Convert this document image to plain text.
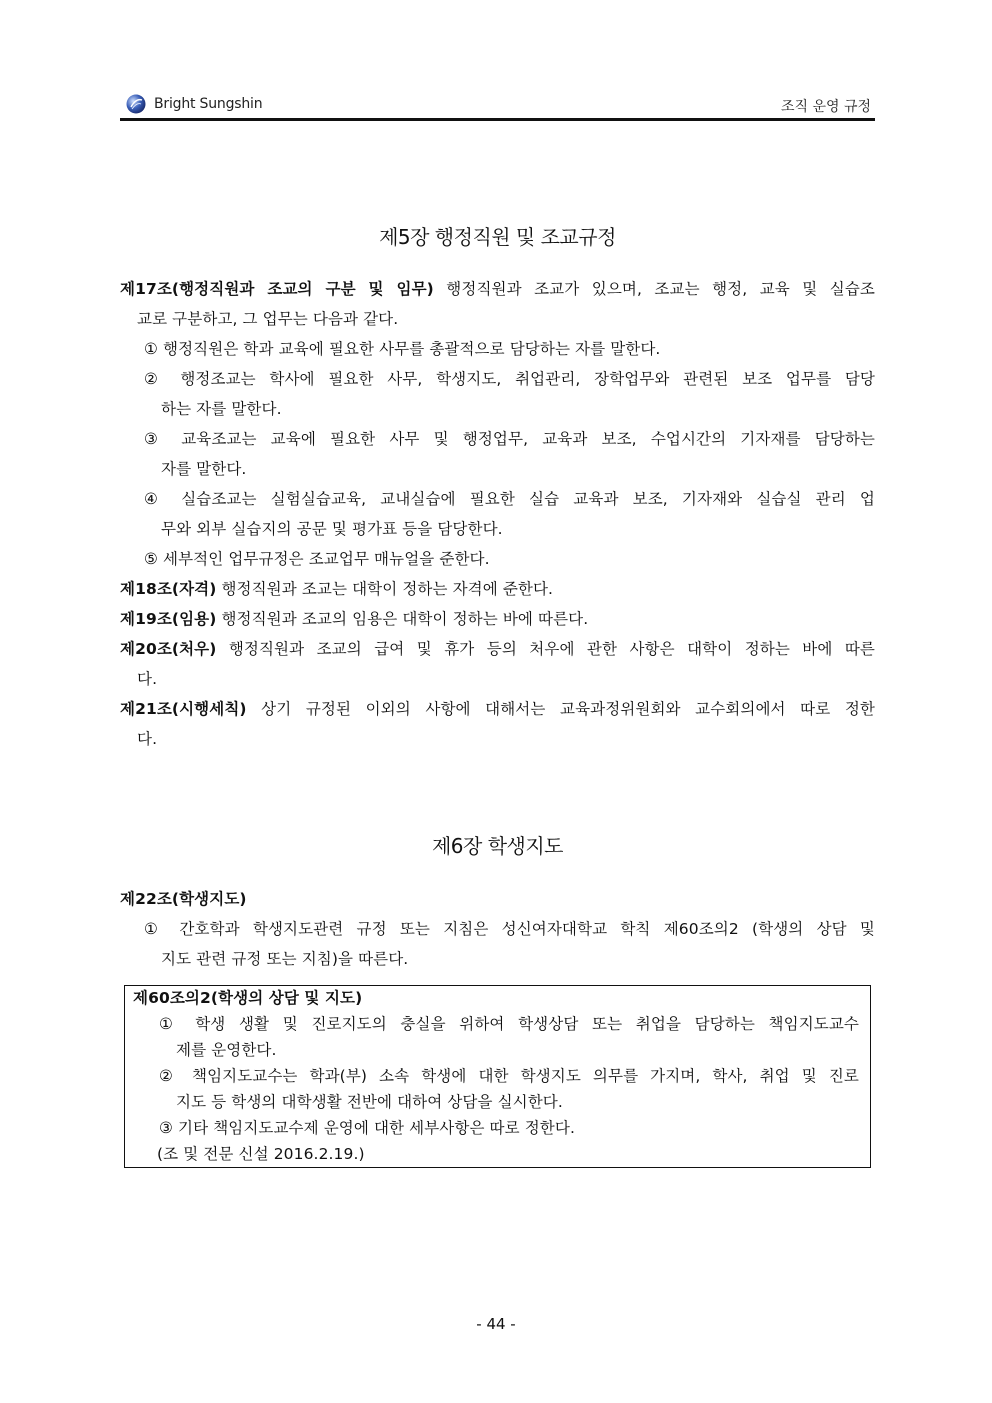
Bright Sungshin	조직 운영 규정
제5장 행정직원 및 조교규정
제17조(행정직원과 조교의 구분 및 임무) 행정직원과 조교가 있으며, 조교는 행정, 교육 및 실습조
교로 구분하고, 그 업무는 다음과 같다.
① 행정직원은 학과 교육에 필요한 사무를 총괄적으로 담당하는 자를 말한다.
② 행정조교는 학사에 필요한 사무, 학생지도, 취업관리, 장학업무와 관련된 보조 업무를 담당
하는 자를 말한다.
③ 교육조교는 교육에 필요한 사무 및 행정업무, 교육과 보조, 수업시간의 기자재를 담당하는
자를 말한다.
④ 실습조교는 실험실습교육, 교내실습에 필요한 실습 교육과 보조, 기자재와 실습실 관리 업
무와 외부 실습지의 공문 및 평가표 등을 담당한다.
⑤ 세부적인 업무규정은 조교업무 매뉴얼을 준한다.
제18조(자격) 행정직원과 조교는 대학이 정하는 자격에 준한다.
제19조(임용) 행정직원과 조교의 임용은 대학이 정하는 바에 따른다.
제20조(처우) 행정직원과 조교의 급여 및 휴가 등의 처우에 관한 사항은 대학이 정하는 바에 따른
다.
제21조(시행세칙) 상기 규정된 이외의 사항에 대해서는 교육과정위원회와 교수회의에서 따로 정한
다.
제6장 학생지도
제22조(학생지도)
① 간호학과 학생지도관련 규정 또는 지침은 성신여자대학교 학칙 제60조의2 (학생의 상담 및
지도 관련 규정 또는 지침)을 따른다.
제60조의2(학생의 상담 및 지도)
① 학생 생활 및 진로지도의 충실을 위하여 학생상담 또는 취업을 담당하는 책임지도교수
제를 운영한다.
② 책임지도교수는 학과(부) 소속 학생에 대한 학생지도 의무를 가지며, 학사, 취업 및 진로
지도 등 학생의 대학생활 전반에 대하여 상담을 실시한다.
③ 기타 책임지도교수제 운영에 대한 세부사항은 따로 정한다.
(조 및 전문 신설 2016.2.19.)
- 44 -
